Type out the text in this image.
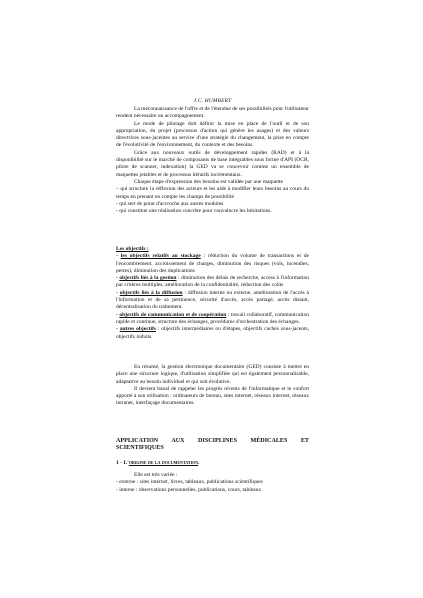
J.C. HUMBERT

La méconnaissance de l'offre et de l'étendue de ses possibilités pour l'utilisateur rendent nécessaire un accompagnement.

Le mode de pilotage doit définir la mise en place de l'outil et de son appropriation, du projet (processus d'action qui génère les usages) et des valeurs directrices sous-jacentes au service d'une stratégie du changement, la prise en compte de l'évolutivité de l'environnement, du contexte et des besoins.

Grâce aux nouveaux outils de développement rapides (RAD) et à la disponibilité sur le marché de composants de base intégrables sous forme d'API (OCR, pilote de scanner, indexation) la GED va se concevoir comme un ensemble de maquettes jetables et de processus itératifs incrémentaux.

Chaque étape d'expression des besoins est validée par une maquette

– qui structure la réflexion des acteurs et les aide à modifier leurs besoins au cours du temps en prenant en compte les champs de possibilité

- qui sert de point d'accroche aux autres modules

- qui constitue une réalisation concrète pour convaincre les hésitations.

Les objectifs :

- les objectifs relatifs au stockage : réduction du volume de transactions et de l'encombrement, accroissement de charges, diminution des risques (vols, incendies, pertes), diminution des duplications

- objectifs liés à la gestion : diminution des délais de recherche, access à l'information par critères multiples, amélioration de la confidentialité, réduction des coûts

- objectifs liés à la diffusion : diffusion interne ou externe, amélioration de l'accès à l'information et de sa pertinence, sécurité d'accès, accès partagé, accès distant, décentralisation du traitement.

- objectifs de communication et de coopération : travail collaboratif, communication rapide et continue, structure des échanges, procédures d'orchestration des échanges.

- autres objectifs : objectifs intermédiaires ou d'étapes, objectifs cachés sous-jacents, objectifs induits.

En résumé, la gestion électronique documentaire (GED) consiste à mettre en place une structure logique, d'utilisation simplifiée qui est également personnalisable, adaptative au besoin individuel et qui soit évolutive.

Il devient banal de rappeler les progrès récents de l'informatique et le confort apporté à son utilisation : ordinateurs de bureau, sites internet, réseaux internet, réseaux intranet, interfaçage documentaires.

APPLICATION AUX DISCIPLINES MÉDICALES ET SCIENTIFIQUES

1 - L'origine de la documentation.

Elle est très variée :

- externe : sites internet, livres, tableaux, publications scientifiques

- interne : observations personnelles, publications, cours, tableaux
